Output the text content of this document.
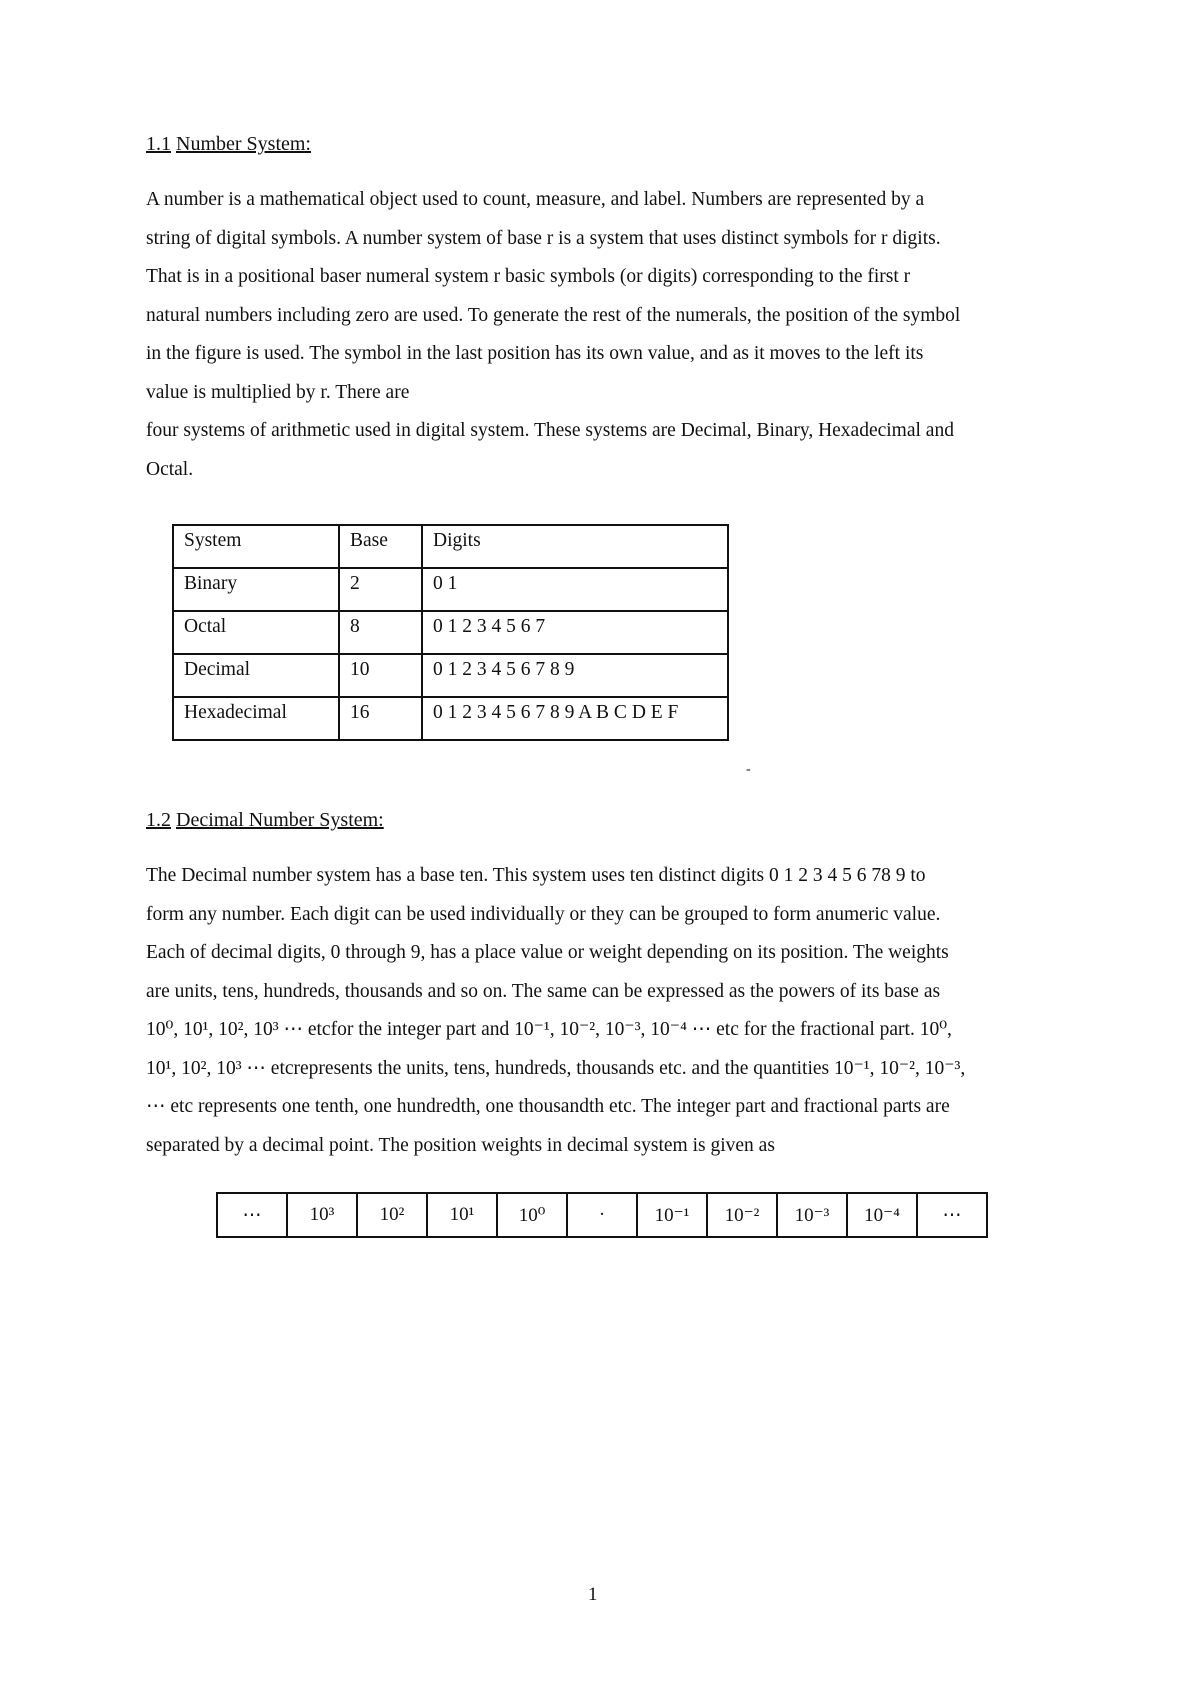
1.1 Number System:
A number is a mathematical object used to count, measure, and label. Numbers are represented by a
string of digital symbols. A number system of base r is a system that uses distinct symbols for r digits.
That is in a positional baser numeral system r basic symbols (or digits) corresponding to the first r
natural numbers including zero are used. To generate the rest of the numerals, the position of the symbol
in the figure is used. The symbol in the last position has its own value, and as it moves to the left its
value is multiplied by r. There are
four systems of arithmetic used in digital system. These systems are Decimal, Binary, Hexadecimal and
Octal.
System	Base	Digits
Binary	2	0 1
Octal	8	0 1 2 3 4 5 6 7
Decimal	10	0 1 2 3 4 5 6 7 8 9
Hexadecimal	16	0 1 2 3 4 5 6 7 8 9 A B C D E F
-
1.2 Decimal Number System:
The Decimal number system has a base ten. This system uses ten distinct digits 0 1 2 3 4 5 6 78 9 to
form any number. Each digit can be used individually or they can be grouped to form anumeric value.
Each of decimal digits, 0 through 9, has a place value or weight depending on its position. The weights
are units, tens, hundreds, thousands and so on. The same can be expressed as the powers of its base as
10⁰, 10¹, 10², 10³ ⋯ etcfor the integer part and 10⁻¹, 10⁻², 10⁻³, 10⁻⁴ ⋯ etc for the fractional part. 10⁰,
10¹, 10², 10³ ⋯ etcrepresents the units, tens, hundreds, thousands etc. and the quantities 10⁻¹, 10⁻², 10⁻³,
⋯ etc represents one tenth, one hundredth, one thousandth etc. The integer part and fractional parts are
separated by a decimal point. The position weights in decimal system is given as
⋯	10³	10²	10¹	10⁰	·	10⁻¹	10⁻²	10⁻³	10⁻⁴	⋯
1
